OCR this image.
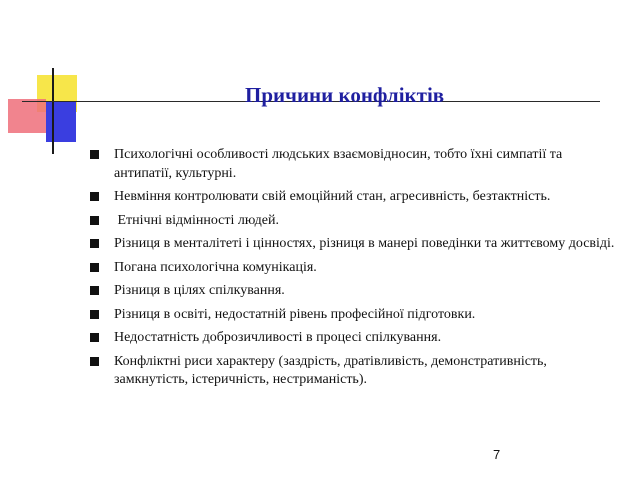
Причини конфліктів
Психологічні особливості людських взаємовідносин, тобто їхні симпатії та антипатії, культурні.
Невміння контролювати свій емоційний стан, агресивність, безтактність.
Етнічні відмінності людей.
Різниця в менталітеті і цінностях, різниця в манері поведінки та життєвому досвіді.
Погана психологічна комунікація.
Різниця в цілях спілкування.
Різниця в освіті, недостатній рівень професійної підготовки.
Недостатність доброзичливості в процесі спілкування.
Конфліктні риси характеру (заздрість, дратівливість, демонстративність, замкнутість, істеричність, нестриманість).
7
